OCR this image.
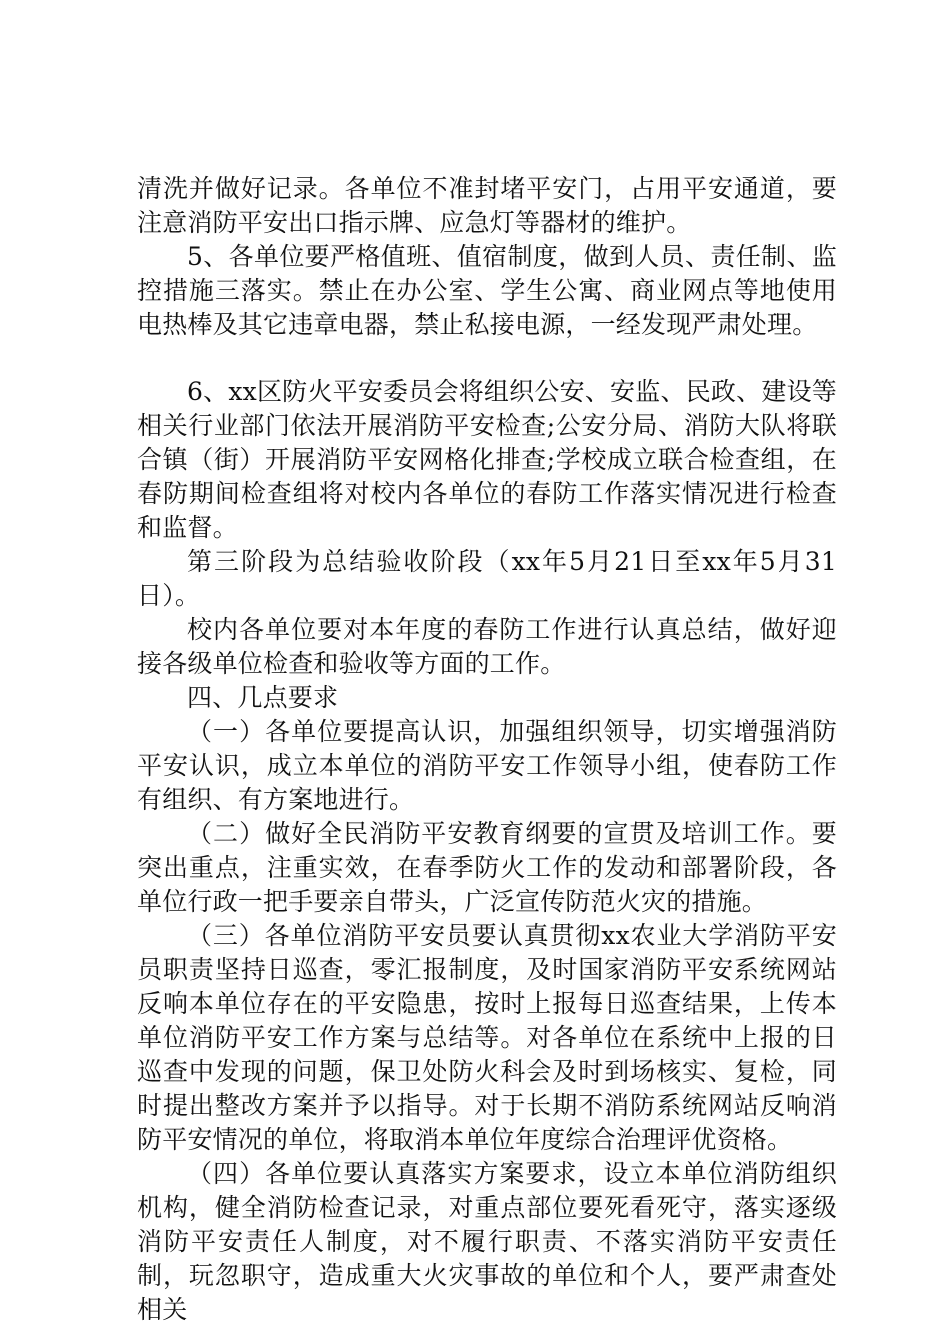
清洗并做好记录。各单位不准封堵平安门，占用平安通道，要注意消防平安出口指示牌、应急灯等器材的维护。

5、各单位要严格值班、值宿制度，做到人员、责任制、监控措施三落实。禁止在办公室、学生公寓、商业网点等地使用电热棒及其它违章电器，禁止私接电源，一经发现严肃处理。

6、xx区防火平安委员会将组织公安、安监、民政、建设等相关行业部门依法开展消防平安检查;公安分局、消防大队将联合镇（街）开展消防平安网格化排查;学校成立联合检查组，在春防期间检查组将对校内各单位的春防工作落实情况进行检查和监督。

第三阶段为总结验收阶段（xx年5月21日至xx年5月31日）。

校内各单位要对本年度的春防工作进行认真总结，做好迎接各级单位检查和验收等方面的工作。

四、几点要求

（一）各单位要提高认识，加强组织领导，切实增强消防平安认识，成立本单位的消防平安工作领导小组，使春防工作有组织、有方案地进行。

（二）做好全民消防平安教育纲要的宣贯及培训工作。要突出重点，注重实效，在春季防火工作的发动和部署阶段，各单位行政一把手要亲自带头，广泛宣传防范火灾的措施。

（三）各单位消防平安员要认真贯彻xx农业大学消防平安员职责坚持日巡查，零汇报制度，及时国家消防平安系统网站反响本单位存在的平安隐患，按时上报每日巡查结果，上传本单位消防平安工作方案与总结等。对各单位在系统中上报的日巡查中发现的问题，保卫处防火科会及时到场核实、复检，同时提出整改方案并予以指导。对于长期不消防系统网站反响消防平安情况的单位，将取消本单位年度综合治理评优资格。

（四）各单位要认真落实方案要求，设立本单位消防组织机构，健全消防检查记录，对重点部位要死看死守，落实逐级消防平安责任人制度，对不履行职责、不落实消防平安责任制，玩忽职守，造成重大火灾事故的单位和个人，要严肃查处相关
